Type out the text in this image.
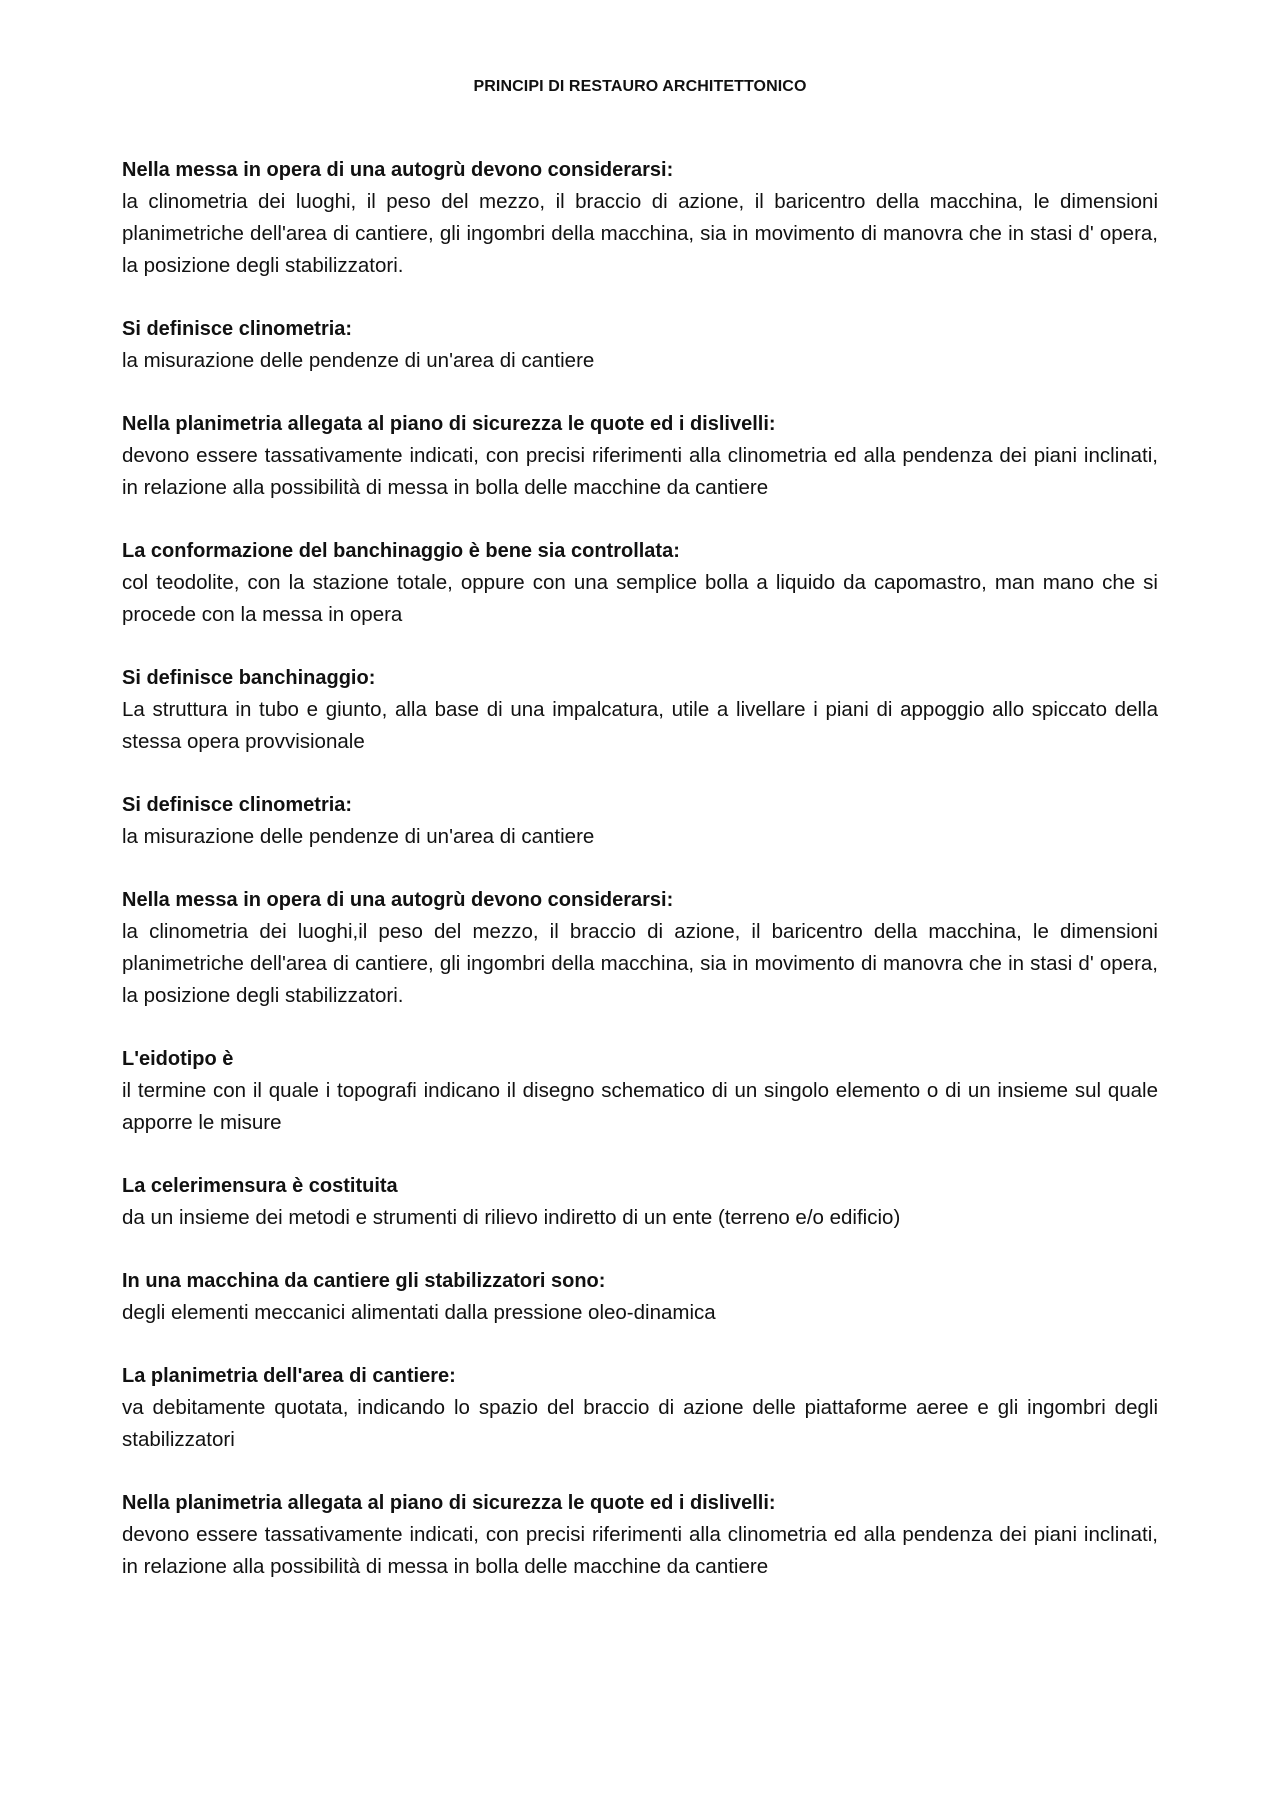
PRINCIPI DI RESTAURO ARCHITETTONICO

Nella messa in opera di una autogrù devono considerarsi:

la clinometria dei luoghi, il peso del mezzo, il braccio di azione, il baricentro della macchina, le dimensioni planimetriche dell'area di cantiere, gli ingombri della macchina, sia in movimento di manovra che in stasi d' opera, la posizione degli stabilizzatori.

Si definisce clinometria:

la misurazione delle pendenze di un'area di cantiere

Nella planimetria allegata al piano di sicurezza le quote ed i dislivelli:

devono essere tassativamente indicati, con precisi riferimenti alla clinometria ed alla pendenza dei piani inclinati, in relazione alla possibilità di messa in bolla delle macchine da cantiere

La conformazione del banchinaggio è bene sia controllata:

col teodolite, con la stazione totale, oppure con una semplice bolla a liquido da capomastro, man mano che si procede con la messa in opera

Si definisce banchinaggio:

La struttura in tubo e giunto, alla base di una impalcatura, utile a livellare i piani di appoggio allo spiccato della stessa opera provvisionale

Si definisce clinometria:

la misurazione delle pendenze di un'area di cantiere

Nella messa in opera di una autogrù devono considerarsi:

la clinometria dei luoghi,il peso del mezzo, il braccio di azione, il baricentro della macchina, le dimensioni planimetriche dell'area di cantiere, gli ingombri della macchina, sia in movimento di manovra che in stasi d' opera, la posizione degli stabilizzatori.

L'eidotipo è

il termine con il quale i topografi indicano il disegno schematico di un singolo elemento o di un insieme sul quale apporre le misure

La celerimensura è costituita

da un insieme dei metodi e strumenti di rilievo indiretto di un ente (terreno e/o edificio)

In una macchina da cantiere gli stabilizzatori sono:

degli elementi meccanici alimentati dalla pressione oleo-dinamica

La planimetria dell'area di cantiere:

va debitamente quotata, indicando lo spazio del braccio di azione delle piattaforme aeree e gli ingombri degli stabilizzatori

Nella planimetria allegata al piano di sicurezza le quote ed i dislivelli:

devono essere tassativamente indicati, con precisi riferimenti alla clinometria ed alla pendenza dei piani inclinati, in relazione alla possibilità di messa in bolla delle macchine da cantiere
